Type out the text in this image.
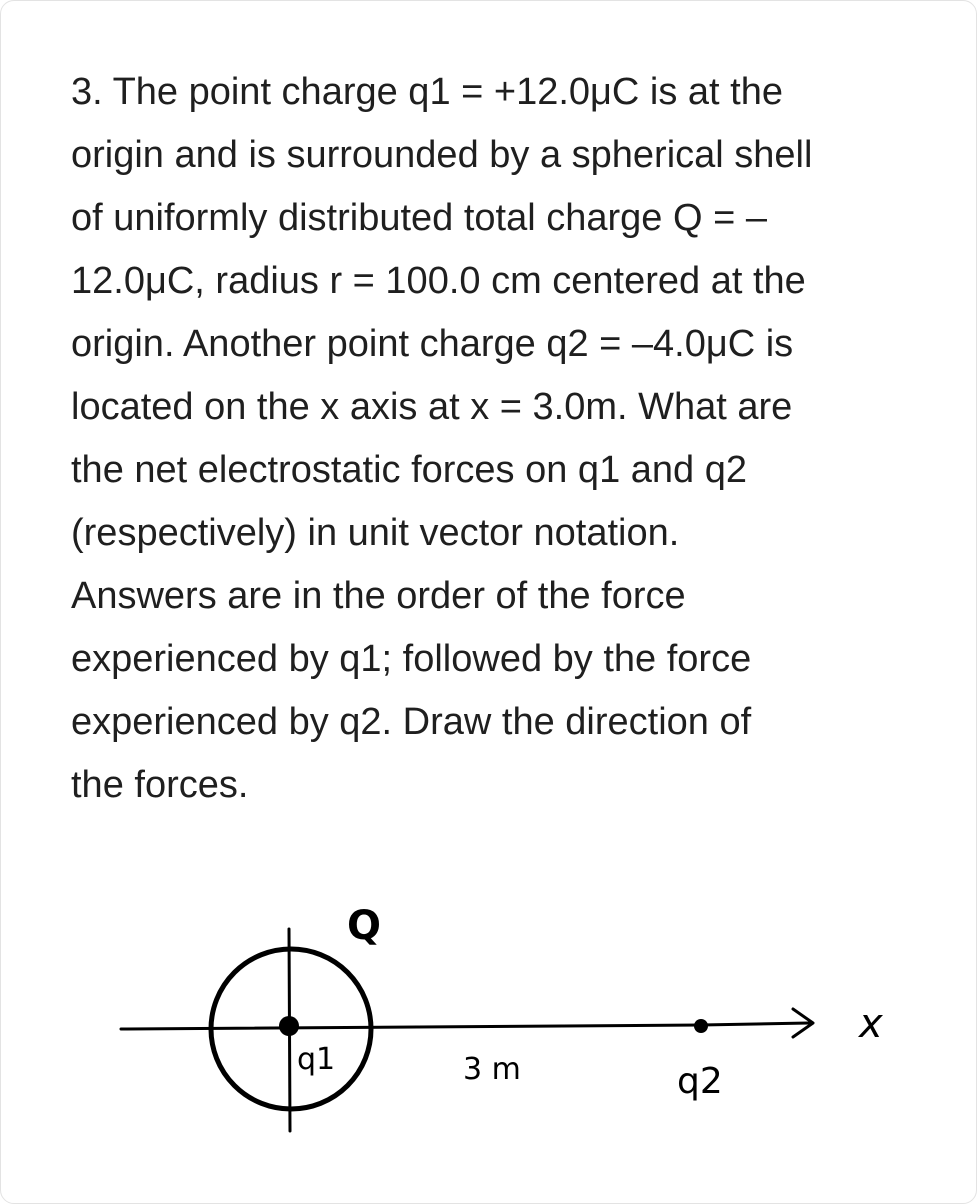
3. The point charge q1 = +12.0μC is at the
origin and is surrounded by a spherical shell
of uniformly distributed total charge Q = –
12.0μC, radius r = 100.0 cm centered at the
origin. Another point charge q2 = –4.0μC is
located on the x axis at x = 3.0m. What are
the net electrostatic forces on q1 and q2
(respectively) in unit vector notation.
Answers are in the order of the force
experienced by q1; followed by the force
experienced by q2. Draw the direction of
the forces.

Q
q1	3 m	q2
x
